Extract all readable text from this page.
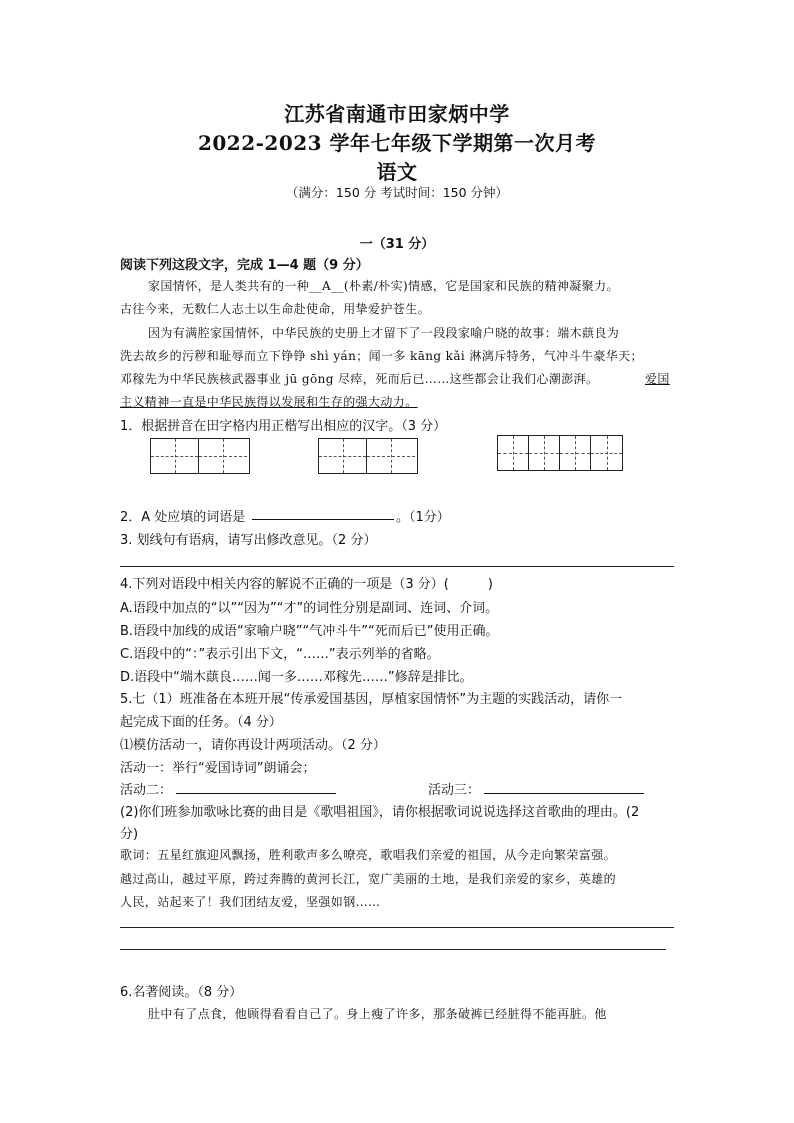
江苏省南通市田家炳中学
2022-2023 学年七年级下学期第一次月考
语文
（满分：150 分 考试时间：150 分钟）
一（31 分）
阅读下列这段文字，完成 1—4 题（9 分）
家国情怀，是人类共有的一种__A__(朴素/朴实)情感，它是国家和民族的精神凝聚力。
古往今来，无数仁人志士以生命赴使命，用挚爱护苍生。
因为有满腔家国情怀，中华民族的史册上才留下了一段段家喻户晓的故事：端木蕻良为
洗去故乡的污秽和耻辱而立下铮铮 shì yán；闻一多 kāng kǎi 淋漓斥特务，气冲斗牛豪华天；
邓稼先为中华民族核武器事业 jū gōng 尽瘁，死而后已……这些都会让我们心潮澎湃。	爱国
主义精神一直是中华民族得以发展和生存的强大动力。
1．根据拼音在田字格内用正楷写出相应的汉字。（3 分）
2．A 处应填的词语是	。（1分）
3. 划线句有语病，请写出修改意见。（2 分）
4.下列对语段中相关内容的解说不正确的一项是（3 分）(　　　)
A.语段中加点的“以”“因为”“才”的词性分别是副词、连词、介词。
B.语段中加线的成语“家喻户晓”“气冲斗牛”“死而后已”使用正确。
C.语段中的“：”表示引出下文，“……”表示列举的省略。
D.语段中“端木蕻良……闻一多……邓稼先……”修辞是排比。
5.七（1）班准备在本班开展“传承爱国基因，厚植家国情怀”为主题的实践活动，请你一
起完成下面的任务。（4 分）
⑴模仿活动一，请你再设计两项活动。（2 分）
活动一：举行“爱国诗词”朗诵会；
活动二：	活动三：
(2)你们班参加歌咏比赛的曲目是《歌唱祖国》，请你根据歌词说说选择这首歌曲的理由。(2
分)
歌词：五星红旗迎风飘扬，胜利歌声多么嘹亮，歌唱我们亲爱的祖国，从今走向繁荣富强。
越过高山，越过平原，跨过奔腾的黄河长江，宽广美丽的土地，是我们亲爱的家乡，英雄的
人民，站起来了！我们团结友爱，坚强如钢……
6.名著阅读。（8 分）
肚中有了点食，他顾得看看自己了。身上瘦了许多，那条破裤已经脏得不能再脏。他
